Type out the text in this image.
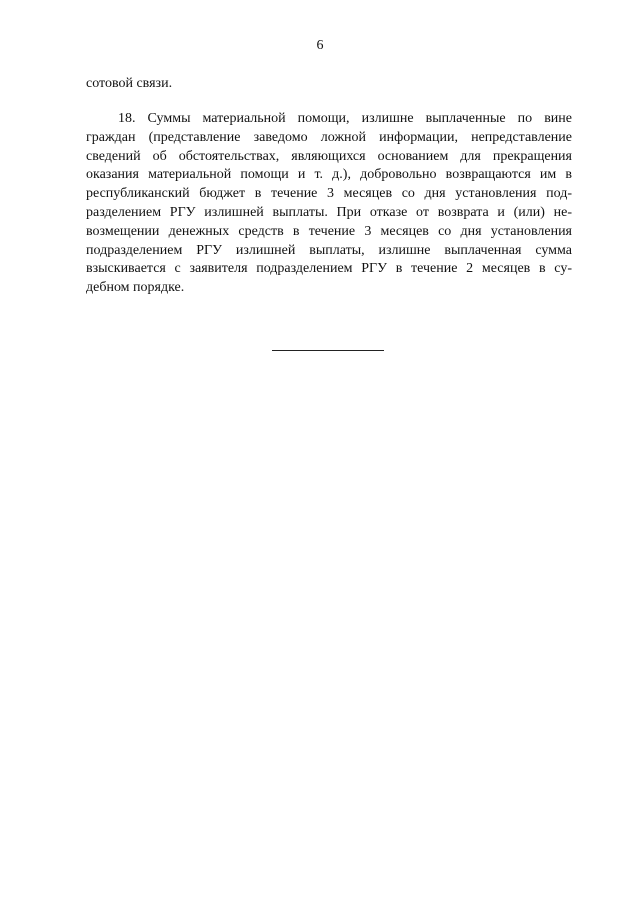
6
сотовой связи.
18. Суммы материальной помощи, излишне выплаченные по вине
граждан (представление заведомо ложной информации, непредставление
сведений об обстоятельствах, являющихся основанием для прекращения
оказания материальной помощи и т. д.), добровольно возвращаются им в
республиканский бюджет в течение 3 месяцев со дня установления под-
разделением РГУ излишней выплаты. При отказе от возврата и (или) не-
возмещении денежных средств в течение 3 месяцев со дня установления
подразделением РГУ излишней выплаты, излишне выплаченная сумма
взыскивается с заявителя подразделением РГУ в течение 2 месяцев в су-
дебном порядке.
